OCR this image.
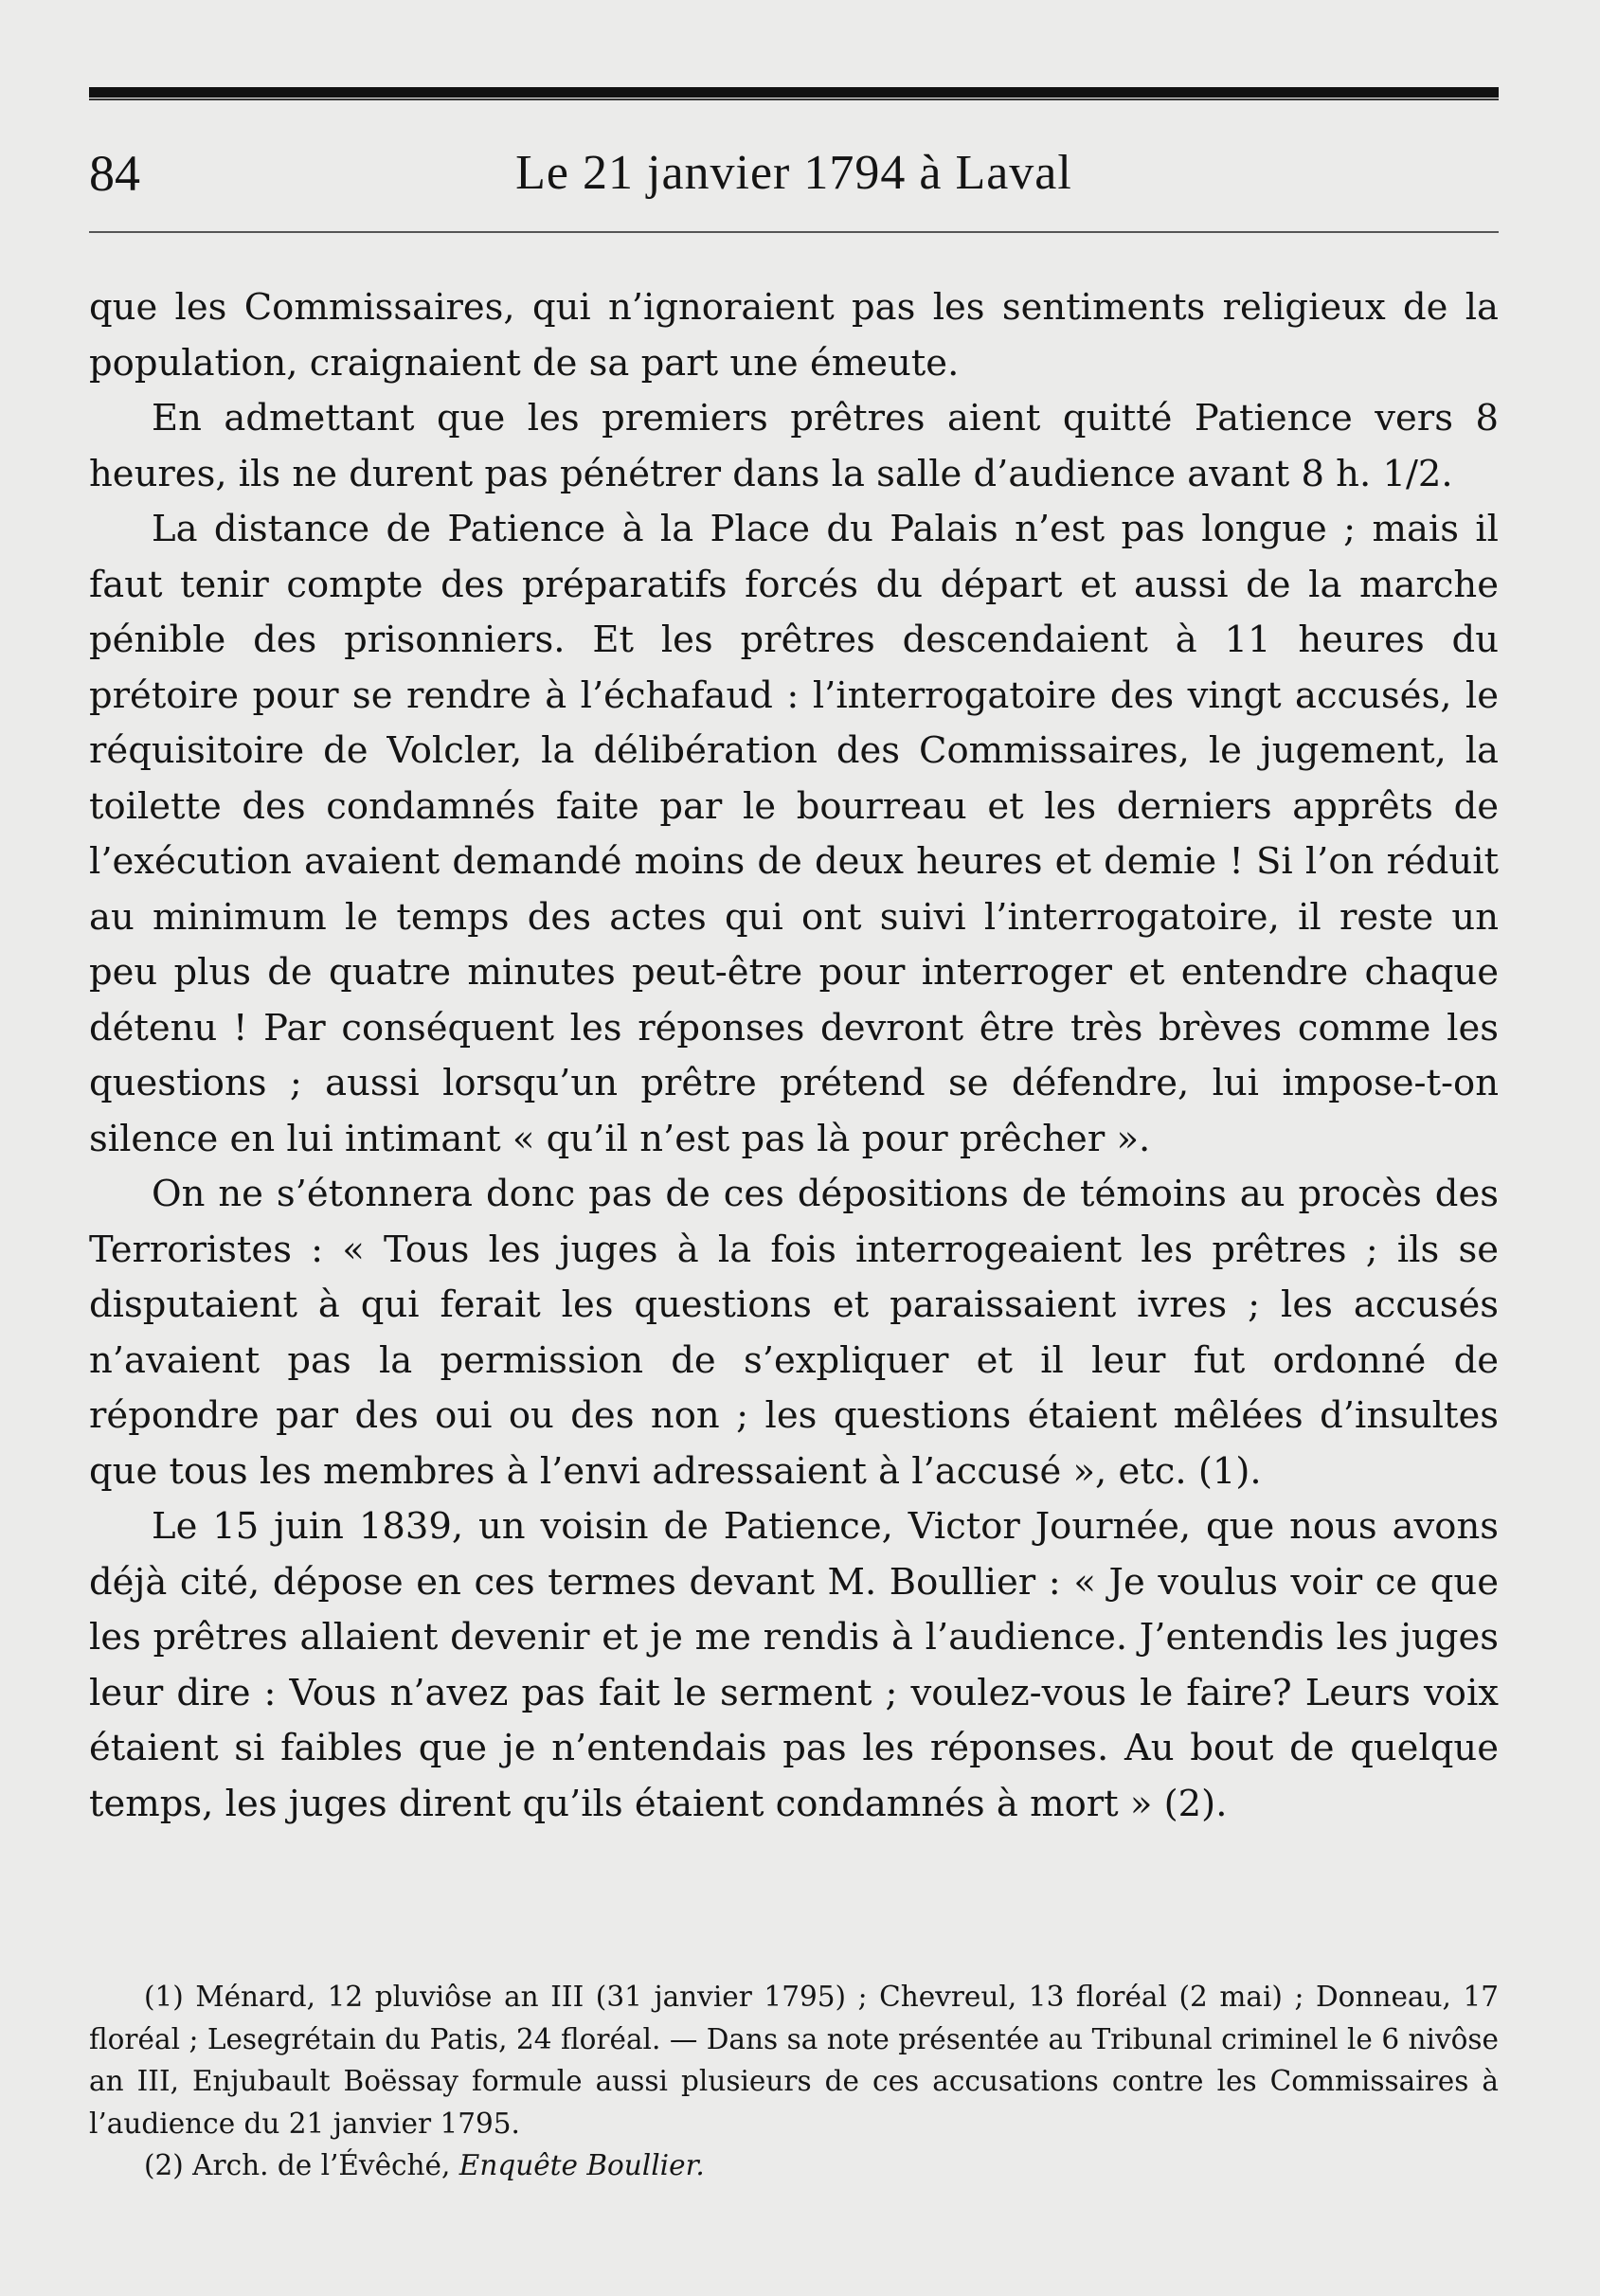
84	Le 21 janvier 1794 à Laval

que les Commissaires, qui n’ignoraient pas les sentiments religieux de la population, craignaient de sa part une émeute.

En admettant que les premiers prêtres aient quitté Patience vers 8 heures, ils ne durent pas pénétrer dans la salle d’audience avant 8 h. 1/2.

La distance de Patience à la Place du Palais n’est pas longue ; mais il faut tenir compte des préparatifs forcés du départ et aussi de la marche pénible des prisonniers. Et les prêtres descendaient à 11 heures du prétoire pour se rendre à l’échafaud : l’interrogatoire des vingt accusés, le réquisitoire de Volcler, la délibération des Commissaires, le jugement, la toilette des condamnés faite par le bourreau et les derniers apprêts de l’exécution avaient demandé moins de deux heures et demie ! Si l’on réduit au minimum le temps des actes qui ont suivi l’interrogatoire, il reste un peu plus de quatre minutes peut-être pour interroger et entendre chaque détenu ! Par conséquent les réponses devront être très brèves comme les questions ; aussi lorsqu’un prêtre prétend se défendre, lui impose-t-on silence en lui intimant « qu’il n’est pas là pour prêcher ».

On ne s’étonnera donc pas de ces dépositions de témoins au procès des Terroristes : « Tous les juges à la fois interrogeaient les prêtres ; ils se disputaient à qui ferait les questions et paraissaient ivres ; les accusés n’avaient pas la permission de s’expliquer et il leur fut ordonné de répondre par des oui ou des non ; les questions étaient mêlées d’insultes que tous les membres à l’envi adressaient à l’accusé », etc. (1).

Le 15 juin 1839, un voisin de Patience, Victor Journée, que nous avons déjà cité, dépose en ces termes devant M. Boullier : « Je voulus voir ce que les prêtres allaient devenir et je me rendis à l’audience. J’entendis les juges leur dire : Vous n’avez pas fait le serment ; voulez-vous le faire? Leurs voix étaient si faibles que je n’entendais pas les réponses. Au bout de quelque temps, les juges dirent qu’ils étaient condamnés à mort » (2).

(1) Ménard, 12 pluviôse an III (31 janvier 1795) ; Chevreul, 13 floréal (2 mai) ; Donneau, 17 floréal ; Lesegrétain du Patis, 24 floréal. — Dans sa note présentée au Tribunal criminel le 6 nivôse an III, Enjubault Boëssay formule aussi plusieurs de ces accusations contre les Commissaires à l’audience du 21 janvier 1795.

(2) Arch. de l’Évêché, Enquête Boullier.
